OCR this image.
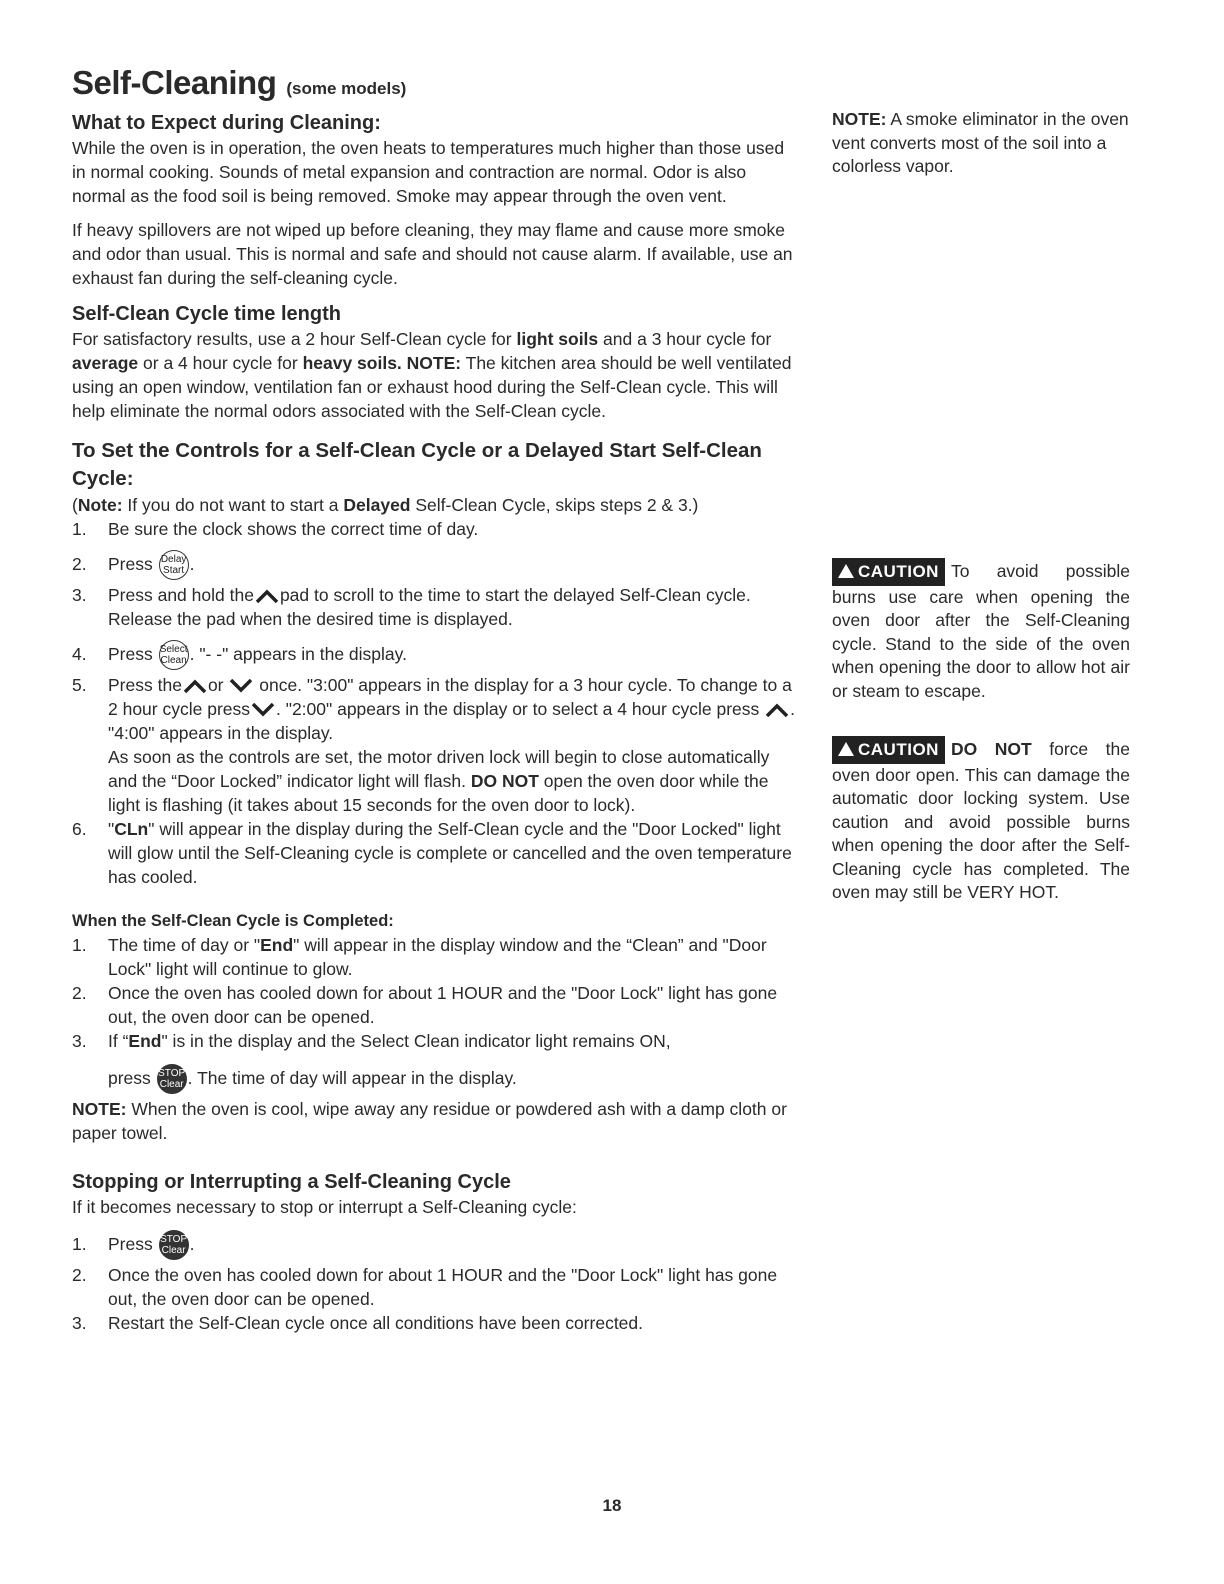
Self-Cleaning (some models)
What to Expect during Cleaning:

While the oven is in operation, the oven heats to temperatures much higher than those used in normal cooking. Sounds of metal expansion and contraction are normal. Odor is also normal as the food soil is being removed. Smoke may appear through the oven vent.

If heavy spillovers are not wiped up before cleaning, they may flame and cause more smoke and odor than usual. This is normal and safe and should not cause alarm. If available, use an exhaust fan during the self-cleaning cycle.

Self-Clean Cycle time length

For satisfactory results, use a 2 hour Self-Clean cycle for light soils and a 3 hour cycle for average or a 4 hour cycle for heavy soils. NOTE: The kitchen area should be well ventilated using an open window, ventilation fan or exhaust hood during the Self-Clean cycle. This will help eliminate the normal odors associated with the Self-Clean cycle.

To Set the Controls for a Self-Clean Cycle or a Delayed Start Self-Clean Cycle:

(Note: If you do not want to start a Delayed Self-Clean Cycle, skips steps 2 & 3.)

1. Be sure the clock shows the correct time of day.
2. Press Delay
Start .
3. Press and hold the pad to scroll to the time to start the delayed Self-Clean cycle. Release the pad when the desired time is displayed.
4. Press Select
Clean . "- -" appears in the display.
5. Press the or once. "3:00" appears in the display for a 3 hour cycle. To change to a 2 hour cycle press . "2:00" appears in the display or to select a 4 hour cycle press . "4:00" appears in the display.
As soon as the controls are set, the motor driven lock will begin to close automatically and the “Door Locked” indicator light will flash. DO NOT open the oven door while the light is flashing (it takes about 15 seconds for the oven door to lock).
6. "CLn" will appear in the display during the Self-Clean cycle and the "Door Locked" light will glow until the Self-Cleaning cycle is complete or cancelled and the oven temperature has cooled.
When the Self-Clean Cycle is Completed:
1. The time of day or "End" will appear in the display window and the “Clean” and "Door Lock" light will continue to glow.
2. Once the oven has cooled down for about 1 HOUR and the "Door Lock" light has gone out, the oven door can be opened.
3. If “End" is in the display and the Select Clean indicator light remains ON,
press STOP
Clear . The time of day will appear in the display.

NOTE: When the oven is cool, wipe away any residue or powdered ash with a damp cloth or paper towel.

Stopping or Interrupting a Self-Cleaning Cycle

If it becomes necessary to stop or interrupt a Self-Cleaning cycle:

1. Press STOP
Clear .
2. Once the oven has cooled down for about 1 HOUR and the "Door Lock" light has gone out, the oven door can be opened.
3. Restart the Self-Clean cycle once all conditions have been corrected.
NOTE: A smoke eliminator in the oven vent converts most of the soil into a colorless vapor.
CAUTION To avoid possible burns use care when opening the oven door after the Self-Cleaning cycle. Stand to the side of the oven when opening the door to allow hot air or steam to escape.
CAUTION DO NOT force the oven door open. This can damage the automatic door locking system. Use caution and avoid possible burns when opening the door after the Self-Cleaning cycle has completed. The oven may still be VERY HOT.
18
